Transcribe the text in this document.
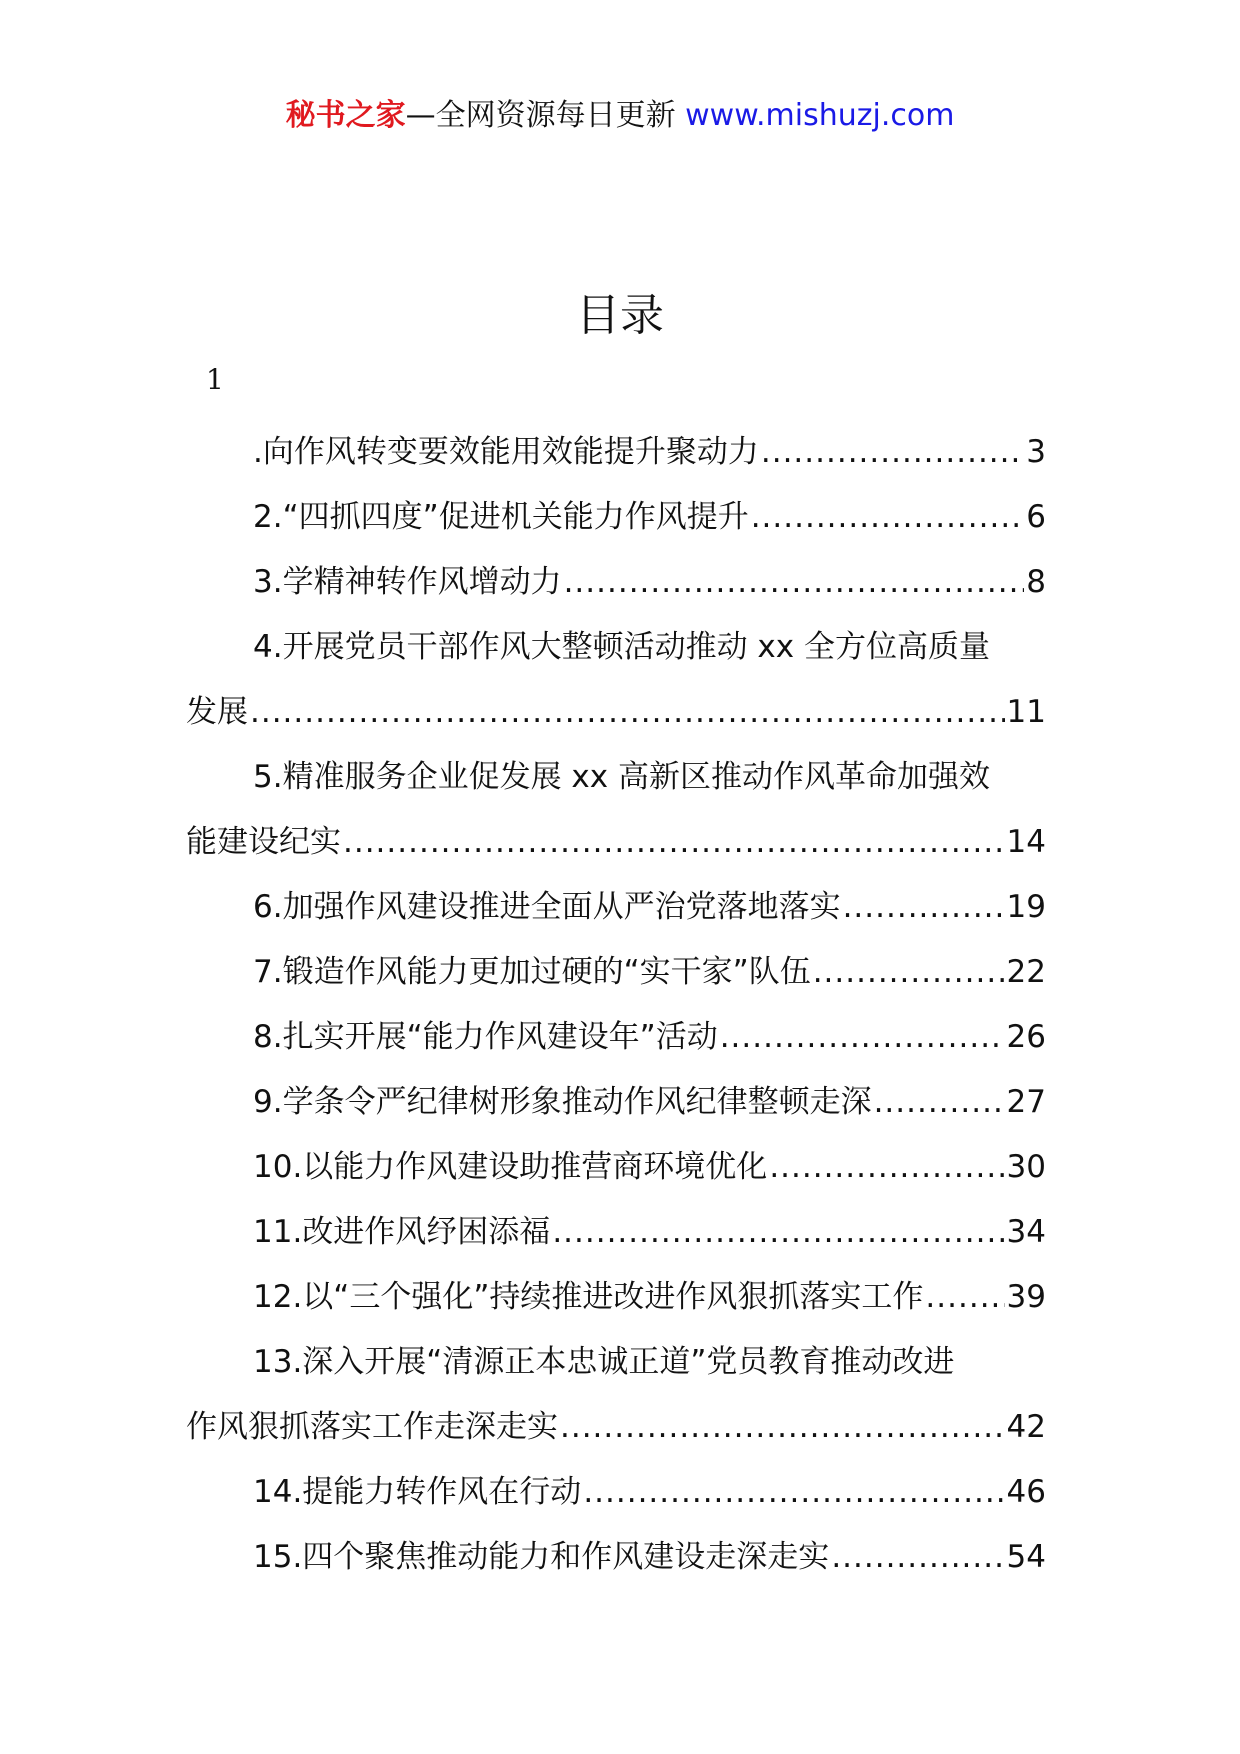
秘书之家—全网资源每日更新 www.mishuzj.com
目录
1
.向作风转变要效能用效能提升聚动力 .....	3
2.“四抓四度”促进机关能力作风提升 .....	6
3.学精神转作风增动力 .....	8
4.开展党员干部作风大整顿活动推动 xx 全方位高质量
发展 .....	11
5.精准服务企业促发展 xx 高新区推动作风革命加强效
能建设纪实 .....	14
6.加强作风建设推进全面从严治党落地落实 .....	19
7.锻造作风能力更加过硬的“实干家”队伍 .....	22
8.扎实开展“能力作风建设年”活动 .....	26
9.学条令严纪律树形象推动作风纪律整顿走深 .....	27
10.以能力作风建设助推营商环境优化 .....	30
11.改进作风纾困添福 .....	34
12.以“三个强化”持续推进改进作风狠抓落实工作 .....	39
13.深入开展“清源正本忠诚正道”党员教育推动改进
作风狠抓落实工作走深走实 .....	42
14.提能力转作风在行动 .....	46
15.四个聚焦推动能力和作风建设走深走实 .....	54
